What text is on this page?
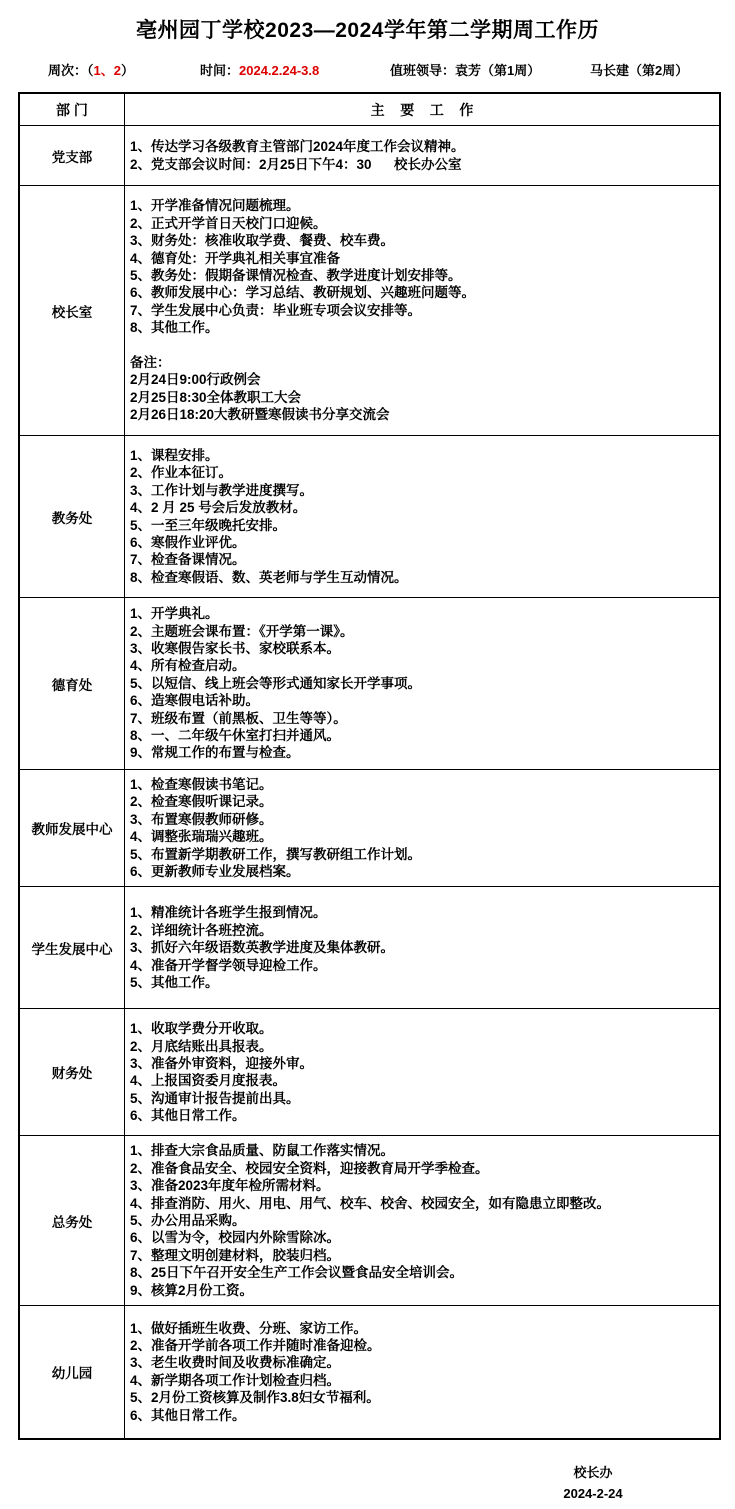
亳州园丁学校2023—2024学年第二学期周工作历

周次：（1、2）

	时间：2024.2.24-3.8

	值班领导：袁芳（第1周）

	马长建（第2周）

部 门	主    要    工    作
党支部	1、传达学习各级教育主管部门2024年度工作会议精神。
2、党支部会议时间：2月25日下午4：30      校长办公室

校长室	
1、开学准备情况问题梳理。
2、正式开学首日天校门口迎候。
3、财务处：核准收取学费、餐费、校车费。
4、德育处：开学典礼相关事宜准备
5、教务处：假期备课情况检查、教学进度计划安排等。
6、教师发展中心：学习总结、教研规划、兴趣班问题等。
7、学生发展中心负责：毕业班专项会议安排等。
8、其他工作。
备注：
2月24日9:00行政例会
2月25日8:30全体教职工大会
2月26日18:20大教研暨寒假读书分享交流会

教务处	
1、课程安排。
2、作业本征订。
3、工作计划与教学进度撰写。
4、2 月 25 号会后发放教材。
5、一至三年级晚托安排。
6、寒假作业评优。
7、检查备课情况。
8、检查寒假语、数、英老师与学生互动情况。

德育处	
1、开学典礼。
2、主题班会课布置：《开学第一课》。
3、收寒假告家长书、家校联系本。
4、所有检查启动。
5、以短信、线上班会等形式通知家长开学事项。
6、造寒假电话补助。
7、班级布置（前黑板、卫生等等）。
8、一、二年级午休室打扫并通风。
9、常规工作的布置与检查。

教师发展中心	
1、检查寒假读书笔记。
2、检查寒假听课记录。
3、布置寒假教师研修。
4、调整张瑞瑞兴趣班。
5、布置新学期教研工作，撰写教研组工作计划。
6、更新教师专业发展档案。

学生发展中心	1、精准统计各班学生报到情况。
2、详细统计各班控流。
3、抓好六年级语数英教学进度及集体教研。
4、准备开学督学领导迎检工作。
5、其他工作。

财务处	
1、收取学费分开收取。
2、月底结账出具报表。
3、准备外审资料，迎接外审。
4、上报国资委月度报表。
5、沟通审计报告提前出具。
6、其他日常工作。

总务处	
1、排查大宗食品质量、防鼠工作落实情况。
2、准备食品安全、校园安全资料，迎接教育局开学季检查。
3、准备2023年度年检所需材料。
4、排查消防、用火、用电、用气、校车、校舍、校园安全，如有隐患立即整改。
5、办公用品采购。
6、以雪为令，校园内外除雪除冰。
7、整理文明创建材料，胶装归档。
8、25日下午召开安全生产工作会议暨食品安全培训会。
9、核算2月份工资。

幼儿园	
1、做好插班生收费、分班、家访工作。
2、准备开学前各项工作并随时准备迎检。
3、老生收费时间及收费标准确定。
4、新学期各项工作计划检查归档。
5、2月份工资核算及制作3.8妇女节福利。
6、其他日常工作。
校长办
2024-2-24
